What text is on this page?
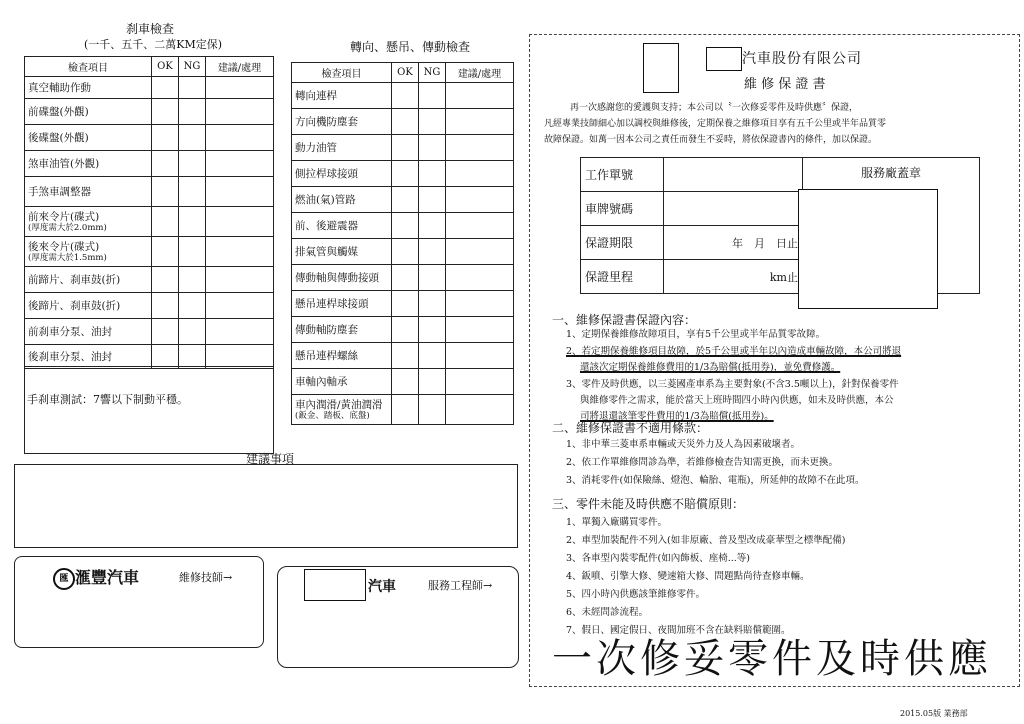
刹車檢查
(一千、五千、二萬KM定保)
檢查項目	OK	NG	建議/處理

真空輔助作動			

前碟盤(外觀)			

後碟盤(外觀)			

煞車油管(外觀)			

手煞車調整器			

前來令片(碟式)
(厚度需大於2.0mm)			

後來令片(碟式)
(厚度需大於1.5mm)			

前蹄片、刹車鼓(折)			

後蹄片、刹車鼓(折)			

前刹車分泵、油封			

後刹車分泵、油封			

手刹車測試：7響以下制動平穩。
轉向、懸吊、傳動檢查
檢查項目	OK	NG	建議/處理

轉向連桿			

方向機防塵套			

動力油管			

側拉桿球接頭			

燃油(氣)管路			

前、後避震器			

排氣管與觸媒			

傳動軸與傳動接頭			

懸吊連桿球接頭			

傳動軸防塵套			

懸吊連桿螺絲			

車軸內軸承			

車內潤滑/黃油潤滑
(鈑金、踏板、底盤)			

建議事項
匯 滙豐汽車	維修技師→
汽車	服務工程師→
汽車股份有限公司
維 修 保 證 書
再一次感謝您的愛護與支持；本公司以〝一次修妥零件及時供應〞保證，
凡經專業技師細心加以調校與維修後，定期保養之維修項目享有五千公里或半年品質零
故障保證。如萬一因本公司之責任而發生不妥時，將依保證書內的條件，加以保證。
工作單號		服務廠蓋章

車牌號碼		
保證期限	年　月　日止	
保證里程	km止	
一、維修保證書保證內容：
1、定期保養維修故障項目，享有5千公里或半年品質零故障。
2、若定期保養維修項目故障，於5千公里或半年以內造成車輛故障，本公司將退
還該次定期保養維修費用的1/3為賠償(抵用券)，並免費修護。
3、零件及時供應，以三菱國產車系為主要對象(不含3.5噸以上)，針對保養零件
與維修零件之需求，能於當天上班時間四小時內供應，如未及時供應，本公
司將退還該筆零件費用的1/3為賠償(抵用券)。
二、維修保證書不適用條款：
1、非中華三菱車系車輛或天災外力及人為因素破壞者。
2、依工作單維修問診為準，若維修檢查告知需更換，而未更換。
3、消耗零件(如保險絲、燈泡、輪胎、電瓶)，所延伸的故障不在此項。
三、零件未能及時供應不賠償原則：
1、單獨入廠購買零件。
2、車型加裝配件不列入(如非原廠、普及型改成豪華型之標準配備)
3、各車型內裝零配件(如內飾板、座椅...等)
4、鈑噴、引擎大修、變速箱大修、問題點尚待查修車輛。
5、四小時內供應該筆維修零件。
6、未經問診流程。
7、假日、國定假日、夜間加班不含在缺料賠償範圍。
一次修妥零件及時供應
2015.05版 業務部
